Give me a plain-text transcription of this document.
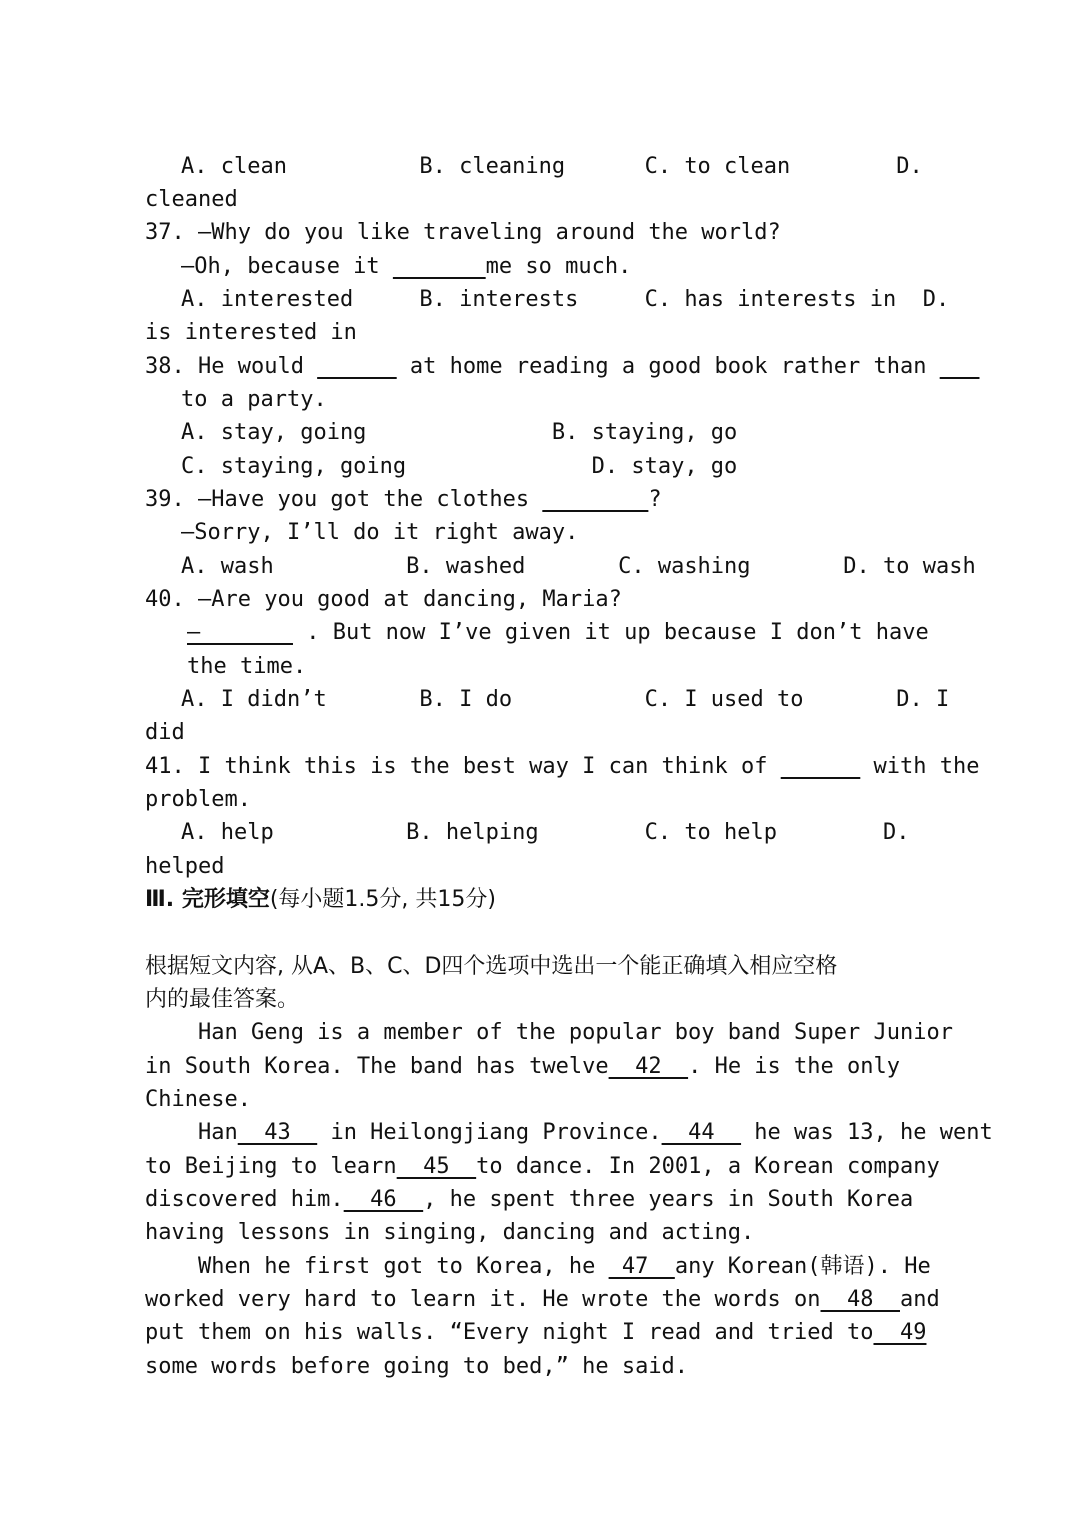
A. clean          B. cleaning      C. to clean        D.
cleaned
37. —Why do you like traveling around the world?
—Oh, because it _______me so much.
A. interested     B. interests     C. has interests in  D.
is interested in
38. He would ______ at home reading a good book rather than ___
to a party.
A. stay, going              B. staying, go
C. staying, going              D. stay, go
39. —Have you got the clothes ______ _?
—Sorry, I’ll do it right away.
A. wash          B. washed       C. washing       D. to wash
40. —Are you good at dancing, Maria?
—_______ . But now I’ve given it up because I don’t have
the time.
A. I didn’t       B. I do          C. I used to       D. I
did
41. I think this is the best way I can think of ______ with the
problem.
A. help          B. helping        C. to help        D.
helped
Ⅲ. 完形填空(每小题1.5分, 共15分)
根据短文内容, 从A、B、C、D四个选项中选出一个能正确填入相应空格
内的最佳答案。
Han Geng is a member of the popular boy band Super Junior
in South Korea. The band has twelve  42  . He is the only
Chinese.
Han  43   in Heilongjiang Province.  44   he was 13, he went
to Beijing to learn  45  to dance. In 2001, a Korean company
discovered him.  46  , he spent three years in South Korea
having lessons in singing, dancing and acting.
When he first got to Korea, he  47  any Korean(韩语). He
worked very hard to learn it. He wrote the words on  48  and
put them on his walls. “Every night I read and tried to  49
some words before going to bed,” he said.
